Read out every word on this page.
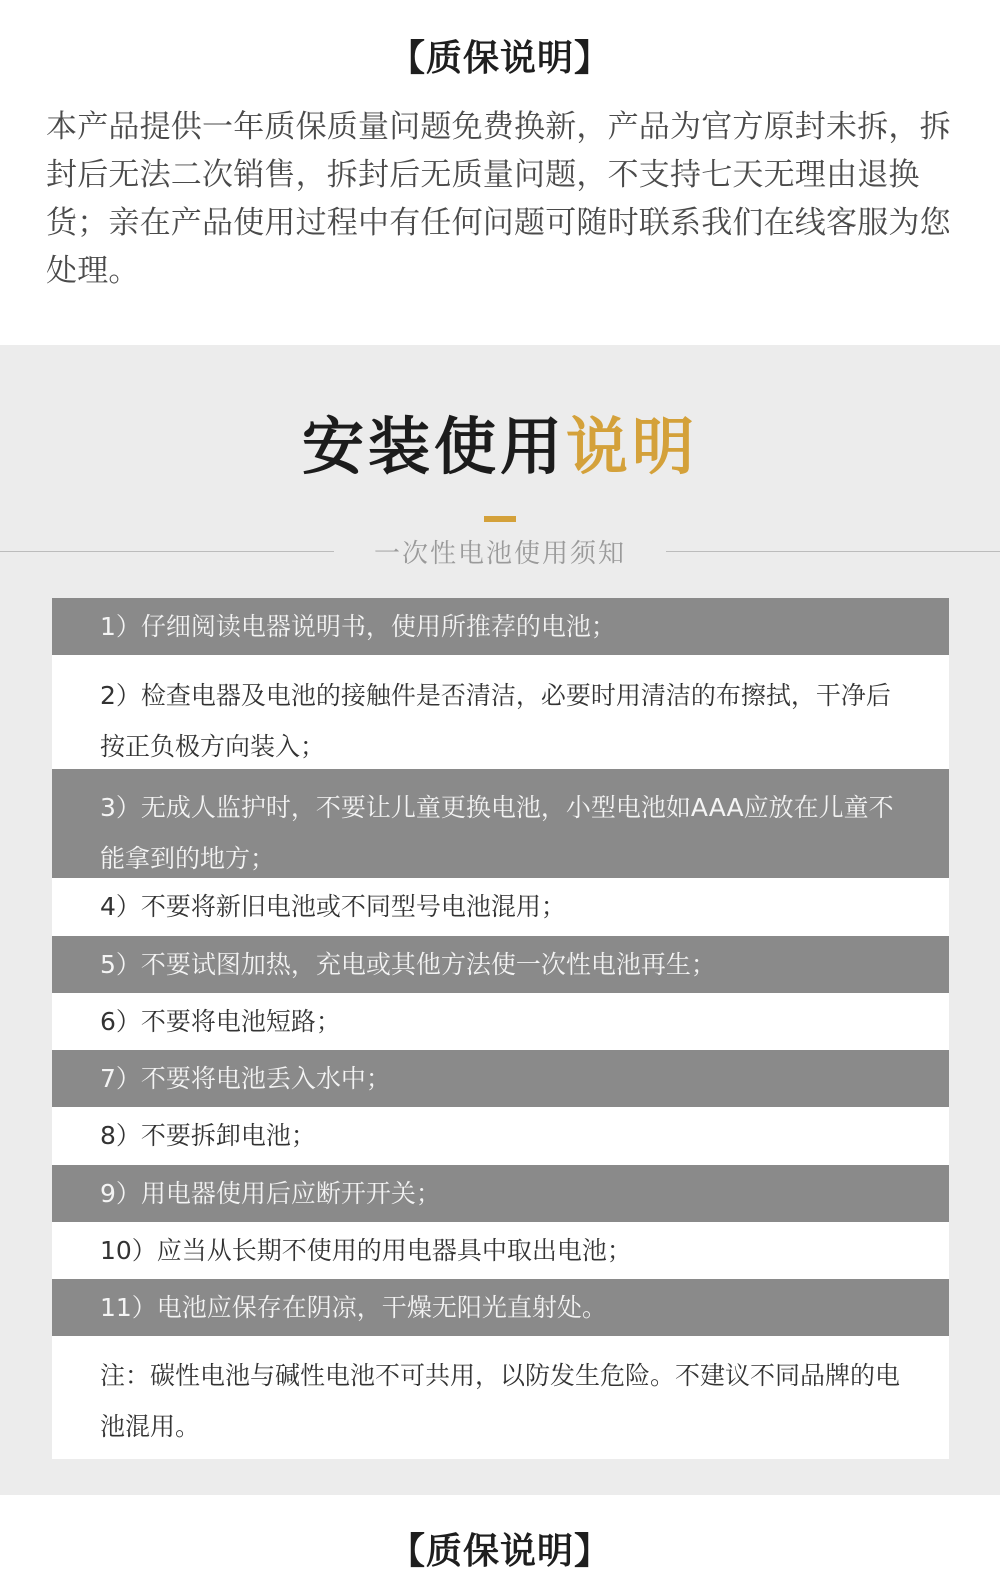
【质保说明】

本产品提供一年质保质量问题免费换新，产品为官方原封未拆，拆封后无法二次销售，拆封后无质量问题，不支持七天无理由退换货；亲在产品使用过程中有任何问题可随时联系我们在线客服为您处理。

安装使用说明
一次性电池使用须知
1）仔细阅读电器说明书，使用所推荐的电池；
2）检查电器及电池的接触件是否清洁，必要时用清洁的布擦拭，干净后按正负极方向装入；
3）无成人监护时，不要让儿童更换电池，小型电池如AAA应放在儿童不能拿到的地方；
4）不要将新旧电池或不同型号电池混用；
5）不要试图加热，充电或其他方法使一次性电池再生；
6）不要将电池短路；
7）不要将电池丢入水中；
8）不要拆卸电池；
9）用电器使用后应断开开关；
10）应当从长期不使用的用电器具中取出电池；
11）电池应保存在阴凉，干燥无阳光直射处。
注：碳性电池与碱性电池不可共用，以防发生危险。不建议不同品牌的电池混用。
【质保说明】
